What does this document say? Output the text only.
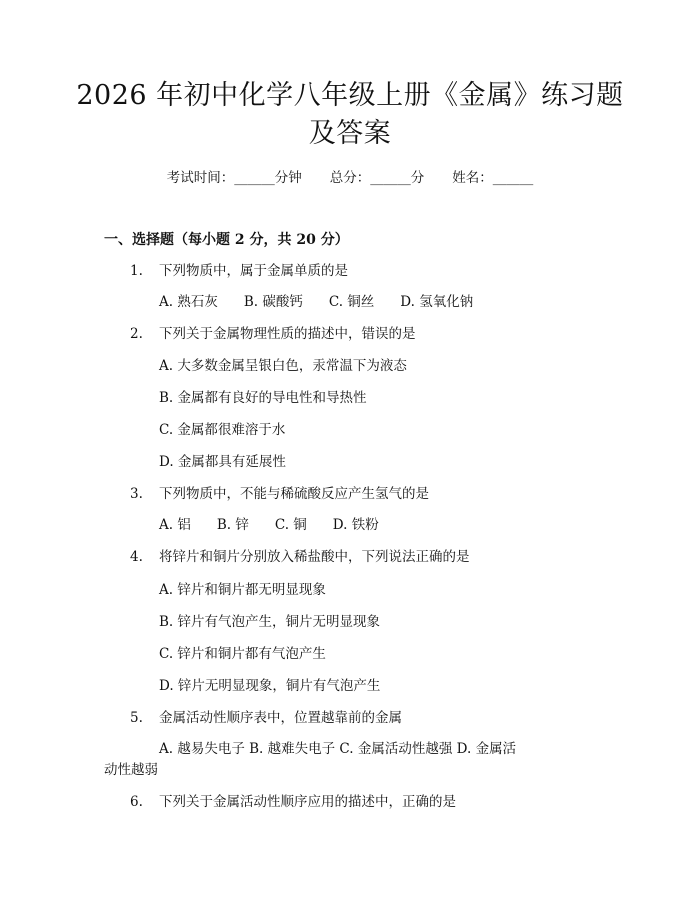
2026 年初中化学八年级上册《金属》练习题
及答案
考试时间：______分钟 总分：______分 姓名：______
一、选择题（每小题 2 分，共 20 分）
1.	下列物质中，属于金属单质的是
A. 熟石灰 B. 碳酸钙 C. 铜丝 D. 氢氧化钠
2.	下列关于金属物理性质的描述中，错误的是
A. 大多数金属呈银白色，汞常温下为液态
B. 金属都有良好的导电性和导热性
C. 金属都很难溶于水
D. 金属都具有延展性
3.	下列物质中，不能与稀硫酸反应产生氢气的是
A. 铝 B. 锌 C. 铜 D. 铁粉
4.	将锌片和铜片分别放入稀盐酸中，下列说法正确的是
A. 锌片和铜片都无明显现象
B. 锌片有气泡产生，铜片无明显现象
C. 锌片和铜片都有气泡产生
D. 锌片无明显现象，铜片有气泡产生
5.	金属活动性顺序表中，位置越靠前的金属
A. 越易失电子 B. 越难失电子 C. 金属活动性越强 D. 金属活
动性越弱
6.	下列关于金属活动性顺序应用的描述中，正确的是
